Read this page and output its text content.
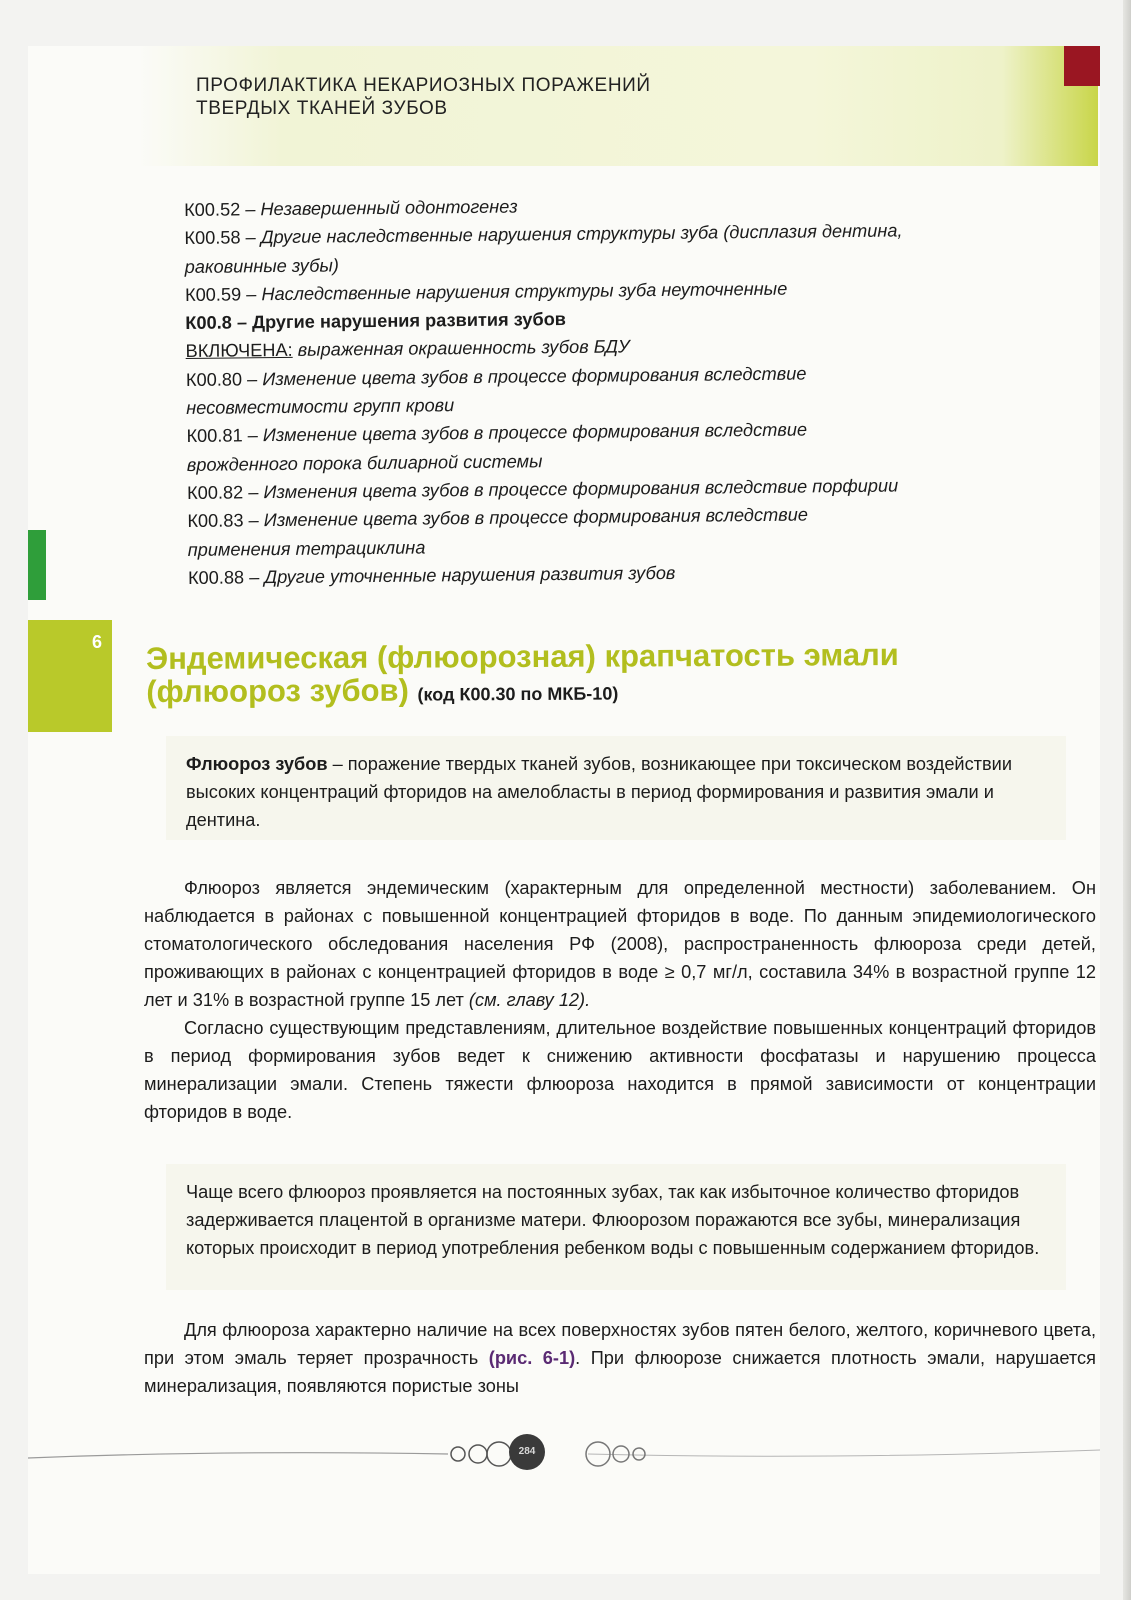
ПРОФИЛАКТИКА НЕКАРИОЗНЫХ ПОРАЖЕНИЙ
ТВЕРДЫХ ТКАНЕЙ ЗУБОВ
К00.52 – Незавершенный одонтогенез
К00.58 – Другие наследственные нарушения структуры зуба (дисплазия дентина,
раковинные зубы)
К00.59 – Наследственные нарушения структуры зуба неуточненные
К00.8 – Другие нарушения развития зубов
ВКЛЮЧЕНА: выраженная окрашенность зубов БДУ
К00.80 – Изменение цвета зубов в процессе формирования вследствие
несовместимости групп крови
К00.81 – Изменение цвета зубов в процессе формирования вследствие
врожденного порока билиарной системы
К00.82 – Изменения цвета зубов в процессе формирования вследствие порфирии
К00.83 – Изменение цвета зубов в процессе формирования вследствие
применения тетрациклина
К00.88 – Другие уточненные нарушения развития зубов
6 Эндемическая (флюорозная) крапчатость эмали
(флюороз зубов) (код К00.30 по МКБ-10)

Флюороз зубов – поражение твердых тканей зубов, возникающее при токсическом воздействии высоких концентраций фторидов на амелобласты в период формирования и развития эмали и дентина.

Флюороз является эндемическим (характерным для определенной местности) заболеванием. Он наблюдается в районах с повышенной концентрацией фторидов в воде. По данным эпидемиологического стоматологического обследования населения РФ (2008), распространенность флюороза среди детей, проживающих в районах с концентрацией фторидов в воде ≥ 0,7 мг/л, составила 34% в возрастной группе 12 лет и 31% в возрастной группе 15 лет (см. главу 12).

Согласно существующим представлениям, длительное воздействие повышенных концентраций фторидов в период формирования зубов ведет к снижению активности фосфатазы и нарушению процесса минерализации эмали. Степень тяжести флюороза находится в прямой зависимости от концентрации фторидов в воде.

Чаще всего флюороз проявляется на постоянных зубах, так как избыточное количество фторидов задерживается плацентой в организме матери. Флюорозом поражаются все зубы, минерализация которых происходит в период употребления ребенком воды с повышенным содержанием фторидов.

Для флюороза характерно наличие на всех поверхностях зубов пятен белого, желтого, коричневого цвета, при этом эмаль теряет прозрачность (рис. 6-1). При флюорозе снижается плотность эмали, нарушается минерализация, появляются пористые зоны

284
